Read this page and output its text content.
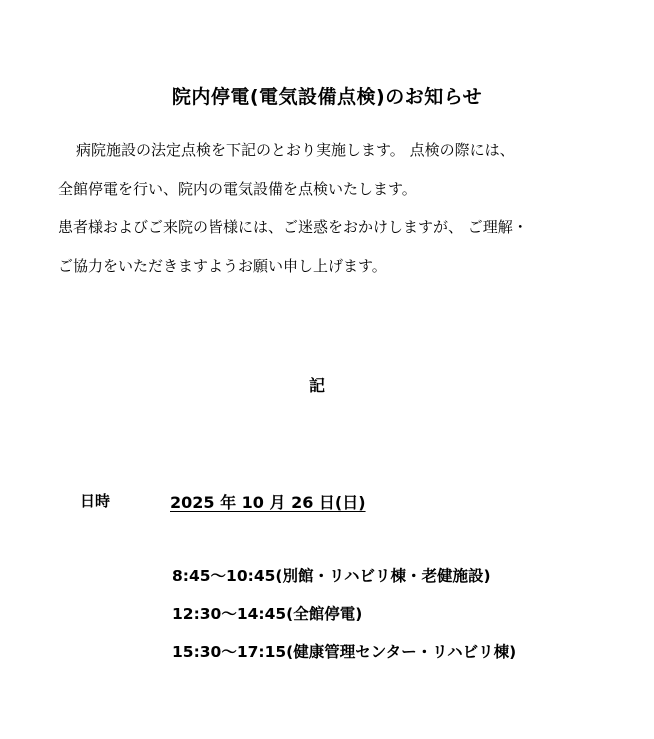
院内停電(電気設備点検)のお知らせ
病院施設の法定点検を下記のとおり実施します。 点検の際には、
全館停電を行い、院内の電気設備を点検いたします。
患者様およびご来院の皆様には、ご迷惑をおかけしますが、 ご理解・
ご協力をいただきますようお願い申し上げます。
記
日時	2025 年 10 月 26 日(日)
8:45～10:45(別館・リハビリ棟・老健施設)
12:30～14:45(全館停電)
15:30～17:15(健康管理センター・リハビリ棟)
